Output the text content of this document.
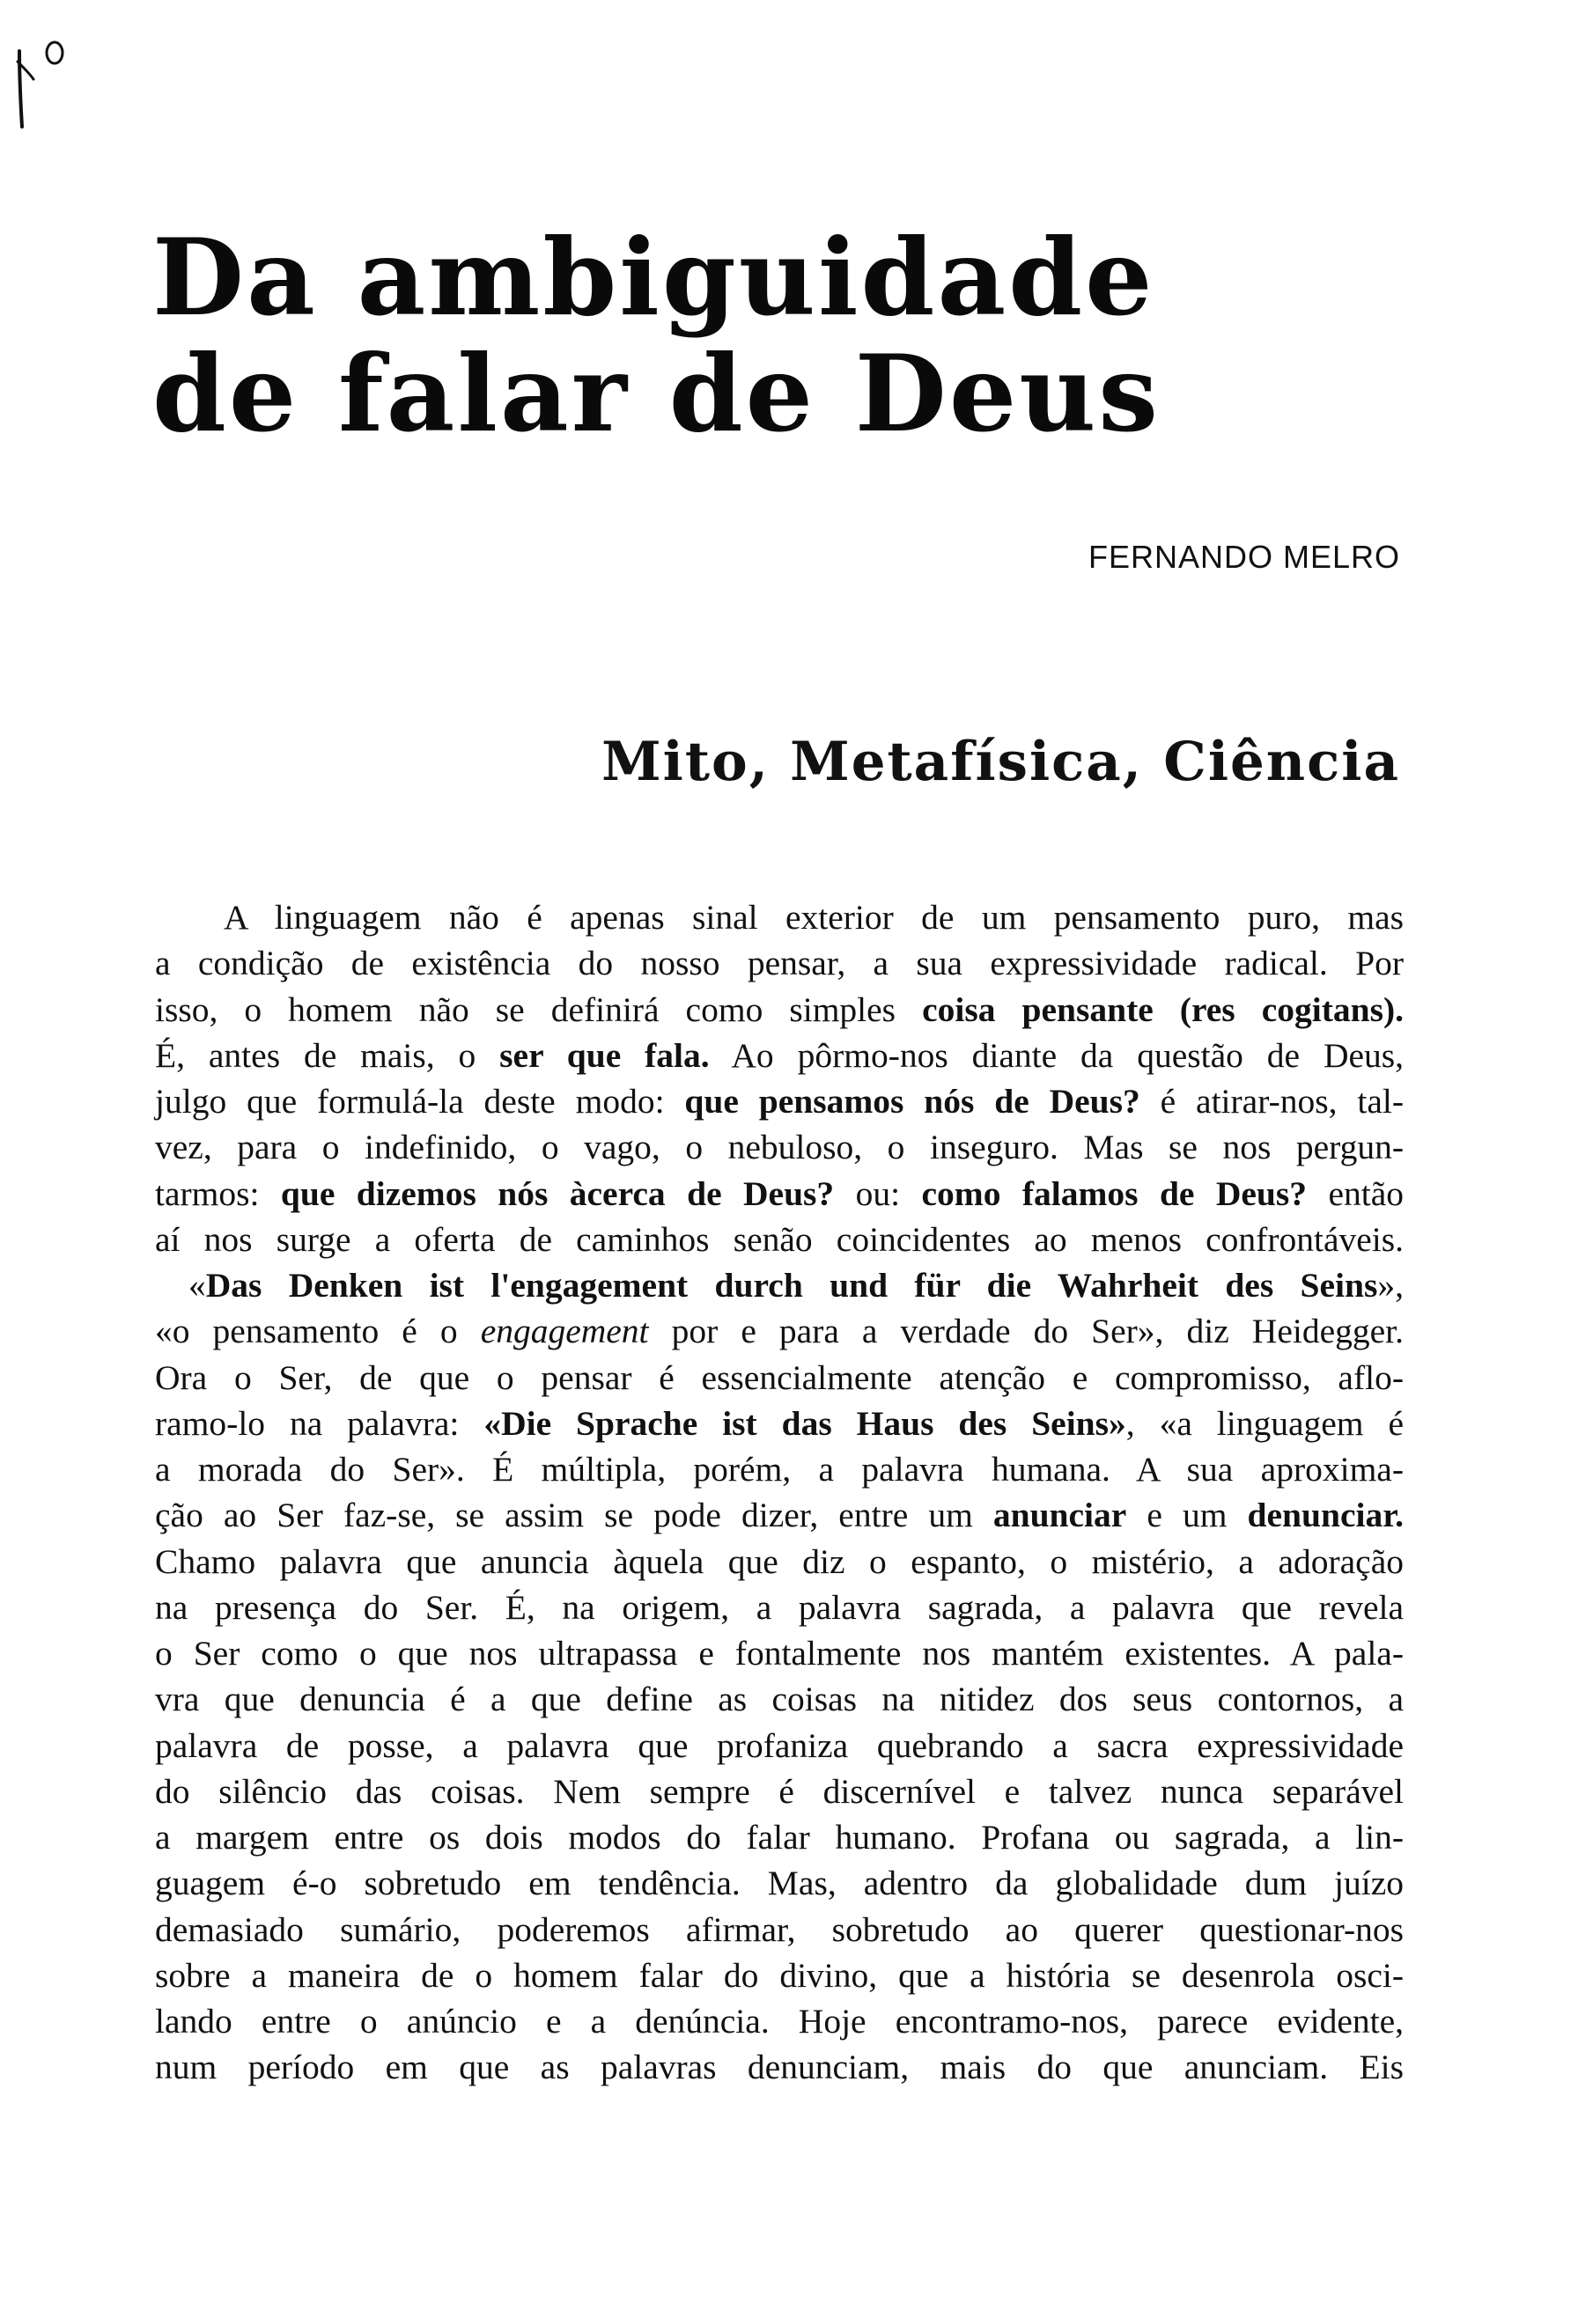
Da ambiguidade
de falar de Deus
FERNANDO MELRO
Mito, Metafísica, Ciência
A linguagem não é apenas sinal exterior de um pensamento puro, mas
a condição de existência do nosso pensar, a sua expressividade radical. Por
isso, o homem não se definirá como simples coisa pensante (res cogitans).
É, antes de mais, o ser que fala. Ao pôrmo-nos diante da questão de Deus,
julgo que formulá-la deste modo: que pensamos nós de Deus? é atirar-nos, tal-
vez, para o indefinido, o vago, o nebuloso, o inseguro. Mas se nos pergun-
tarmos: que dizemos nós àcerca de Deus? ou: como falamos de Deus? então
aí nos surge a oferta de caminhos senão coincidentes ao menos confrontáveis.
«Das Denken ist l'engagement durch und für die Wahrheit des Seins»,
«o pensamento é o engagement por e para a verdade do Ser», diz Heidegger.
Ora o Ser, de que o pensar é essencialmente atenção e compromisso, aflo-
ramo-lo na palavra: «Die Sprache ist das Haus des Seins», «a linguagem é
a morada do Ser». É múltipla, porém, a palavra humana. A sua aproxima-
ção ao Ser faz-se, se assim se pode dizer, entre um anunciar e um denunciar.
Chamo palavra que anuncia àquela que diz o espanto, o mistério, a adoração
na presença do Ser. É, na origem, a palavra sagrada, a palavra que revela
o Ser como o que nos ultrapassa e fontalmente nos mantém existentes. A pala-
vra que denuncia é a que define as coisas na nitidez dos seus contornos, a
palavra de posse, a palavra que profaniza quebrando a sacra expressividade
do silêncio das coisas. Nem sempre é discernível e talvez nunca separável
a margem entre os dois modos do falar humano. Profana ou sagrada, a lin-
guagem é-o sobretudo em tendência. Mas, adentro da globalidade dum juízo
demasiado sumário, poderemos afirmar, sobretudo ao querer questionar-nos
sobre a maneira de o homem falar do divino, que a história se desenrola osci-
lando entre o anúncio e a denúncia. Hoje encontramo-nos, parece evidente,
num período em que as palavras denunciam, mais do que anunciam. Eis
